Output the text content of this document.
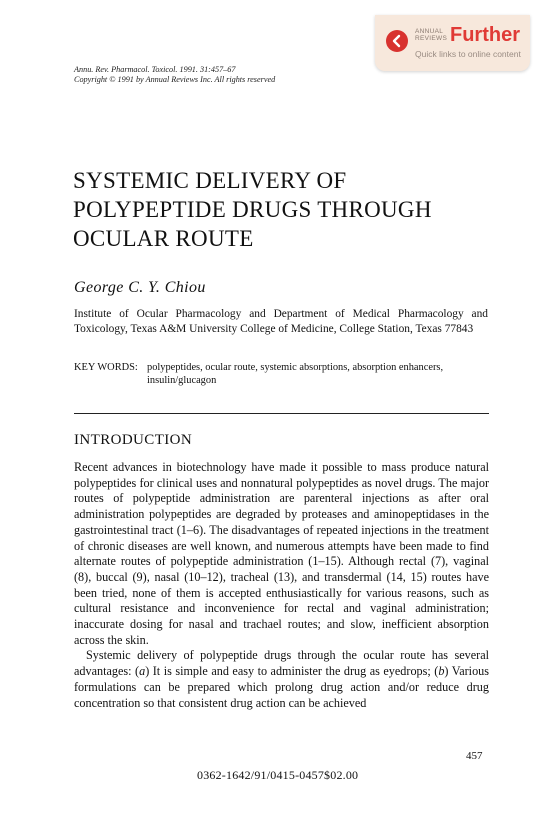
ANNUAL REVIEWS Further
Quick links to online content
Annu. Rev. Pharmacol. Toxicol. 1991. 31:457–67
Copyright © 1991 by Annual Reviews Inc. All rights reserved
SYSTEMIC DELIVERY OF POLYPEPTIDE DRUGS THROUGH OCULAR ROUTE
George C. Y. Chiou
Institute of Ocular Pharmacology and Department of Medical Pharmacology and Toxicology, Texas A&M University College of Medicine, College Station, Texas 77843
KEY WORDS: polypeptides, ocular route, systemic absorptions, absorption enhancers, insulin/glucagon
INTRODUCTION

Recent advances in biotechnology have made it possible to mass produce natural polypeptides for clinical uses and nonnatural polypeptides as novel drugs. The major routes of polypeptide administration are parenteral injections as after oral administration polypeptides are degraded by proteases and aminopeptidases in the gastrointestinal tract (1–6). The disadvantages of repeated injections in the treatment of chronic diseases are well known, and numerous attempts have been made to find alternate routes of polypeptide administration (1–15). Although rectal (7), vaginal (8), buccal (9), nasal (10–12), tracheal (13), and transdermal (14, 15) routes have been tried, none of them is accepted enthusiastically for various reasons, such as cultural resistance and inconvenience for rectal and vaginal administration; inaccurate dosing for nasal and trachael routes; and slow, inefficient absorption across the skin.

Systemic delivery of polypeptide drugs through the ocular route has several advantages: (a) It is simple and easy to administer the drug as eyedrops; (b) Various formulations can be prepared which prolong drug action and/or reduce drug concentration so that consistent drug action can be achieved

457
0362-1642/91/0415-0457$02.00
